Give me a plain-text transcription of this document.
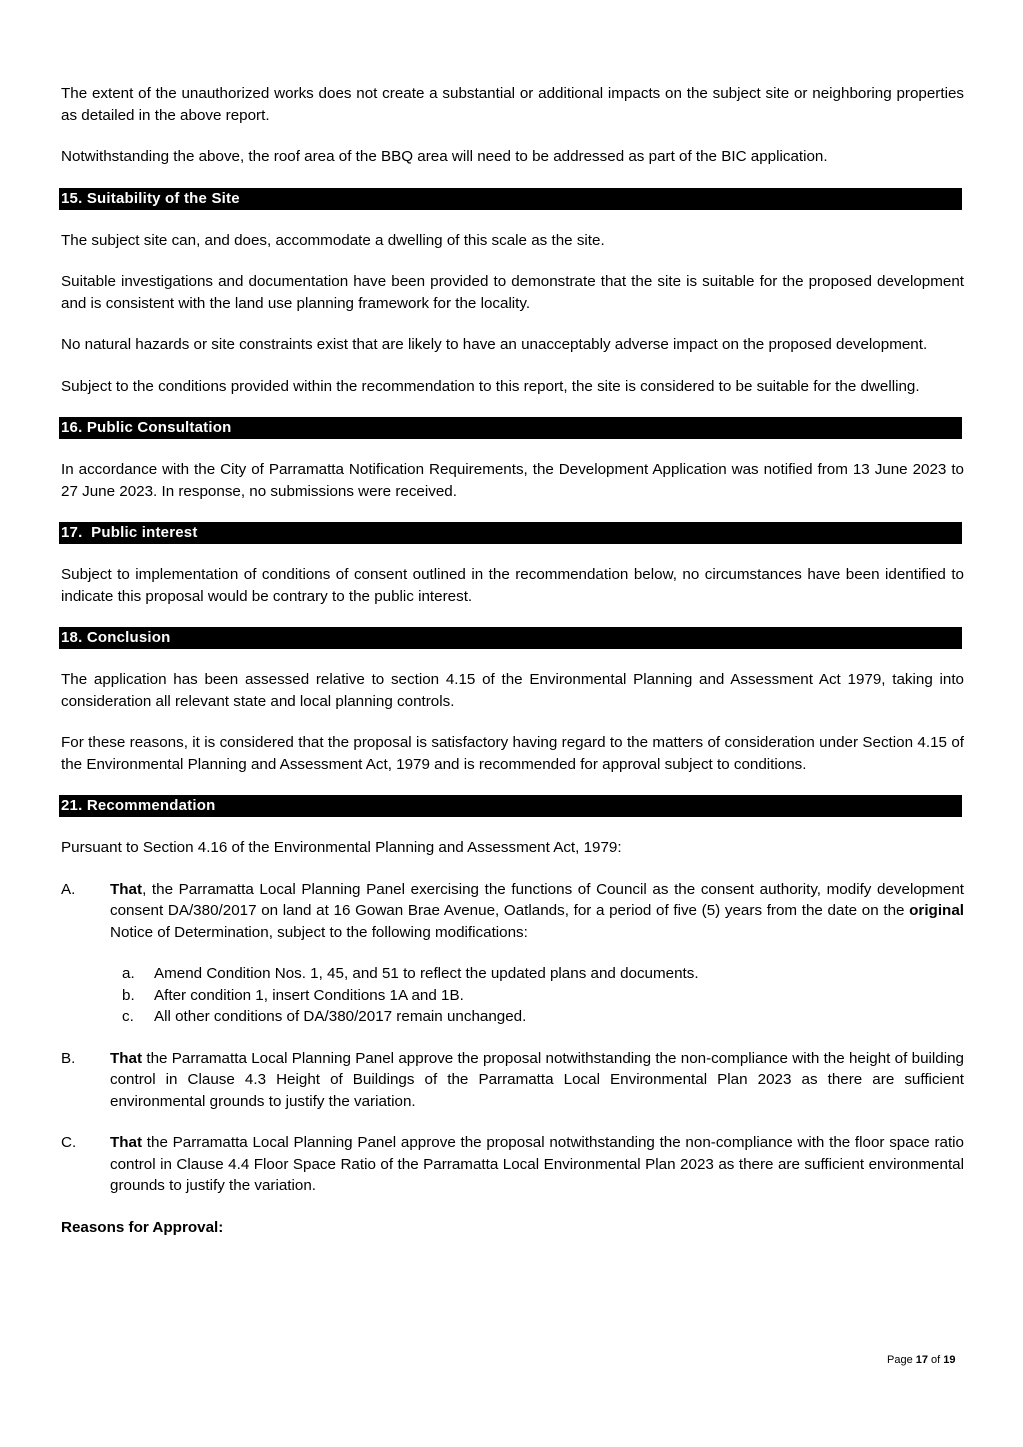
The extent of the unauthorized works does not create a substantial or additional impacts on the subject site or neighboring properties as detailed in the above report.

Notwithstanding the above, the roof area of the BBQ area will need to be addressed as part of the BIC application.

15. Suitability of the Site

The subject site can, and does, accommodate a dwelling of this scale as the site.

Suitable investigations and documentation have been provided to demonstrate that the site is suitable for the proposed development and is consistent with the land use planning framework for the locality.

No natural hazards or site constraints exist that are likely to have an unacceptably adverse impact on the proposed development.

Subject to the conditions provided within the recommendation to this report, the site is considered to be suitable for the dwelling.

16. Public Consultation

In accordance with the City of Parramatta Notification Requirements, the Development Application was notified from 13 June 2023 to 27 June 2023. In response, no submissions were received.

17.  Public interest

Subject to implementation of conditions of consent outlined in the recommendation below, no circumstances have been identified to indicate this proposal would be contrary to the public interest.

18. Conclusion

The application has been assessed relative to section 4.15 of the Environmental Planning and Assessment Act 1979, taking into consideration all relevant state and local planning controls.

For these reasons, it is considered that the proposal is satisfactory having regard to the matters of consideration under Section 4.15 of the Environmental Planning and Assessment Act, 1979 and is recommended for approval subject to conditions.

21. Recommendation

Pursuant to Section 4.16 of the Environmental Planning and Assessment Act, 1979:

A.	That, the Parramatta Local Planning Panel exercising the functions of Council as the consent authority, modify development consent DA/380/2017 on land at 16 Gowan Brae Avenue, Oatlands, for a period of five (5) years from the date on the original Notice of Determination, subject to the following modifications:
a.	Amend Condition Nos. 1, 45, and 51 to reflect the updated plans and documents.
b.	After condition 1, insert Conditions 1A and 1B.
c.	All other conditions of DA/380/2017 remain unchanged.
B.	That the Parramatta Local Planning Panel approve the proposal notwithstanding the non-compliance with the height of building control in Clause 4.3 Height of Buildings of the Parramatta Local Environmental Plan 2023 as there are sufficient environmental grounds to justify the variation.
C.	That the Parramatta Local Planning Panel approve the proposal notwithstanding the non-compliance with the floor space ratio control in Clause 4.4 Floor Space Ratio of the Parramatta Local Environmental Plan 2023 as there are sufficient environmental grounds to justify the variation.

Reasons for Approval:

Page 17 of 19
